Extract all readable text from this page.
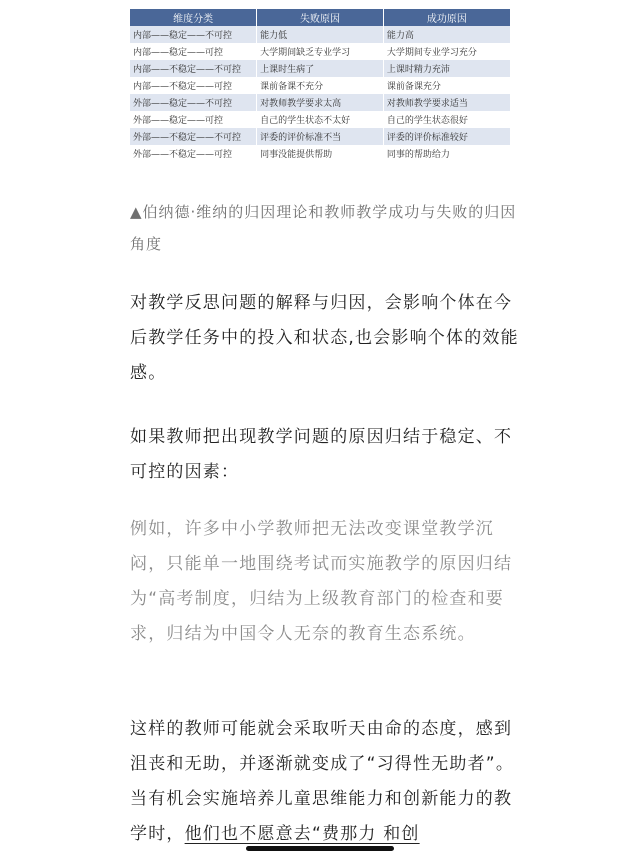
维度分类	失败原因	成功原因
内部——稳定——不可控	能力低	能力高
内部——稳定——可控	大学期间缺乏专业学习	大学期间专业学习充分
内部——不稳定——不可控	上课时生病了	上课时精力充沛
内部——不稳定——可控	课前备课不充分	课前备课充分
外部——稳定——不可控	对教师教学要求太高	对教师教学要求适当
外部——稳定——可控	自己的学生状态不太好	自己的学生状态很好
外部——不稳定——不可控	评委的评价标准不当	评委的评价标准较好
外部——不稳定——可控	同事没能提供帮助	同事的帮助给力

▲伯纳德·维纳的归因理论和教师教学成功与失败的归因角度

对教学反思问题的解释与归因，会影响个体在今后教学任务中的投入和状态,也会影响个体的效能感。

如果教师把出现教学问题的原因归结于稳定、不可控的因素：

例如，许多中小学教师把无法改变课堂教学沉闷，只能单一地围绕考试而实施教学的原因归结为“高考制度，归结为上级教育部门的检查和要求，归结为中国令人无奈的教育生态系统。

这样的教师可能就会采取听天由命的态度，感到沮丧和无助，并逐渐就变成了“习得性无助者”。当有机会实施培养儿童思维能力和创新能力的教学时，他们也不愿意去“费那力 和创
